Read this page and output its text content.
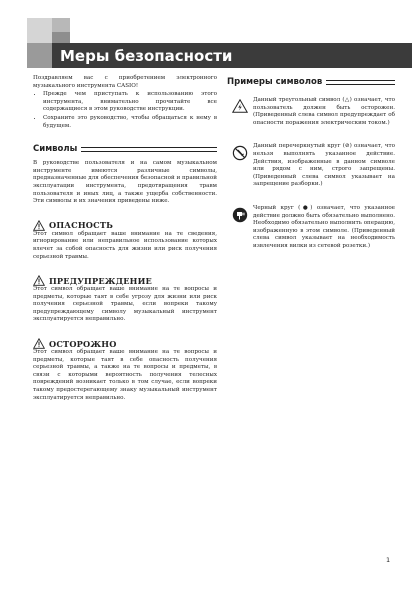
Меры безопасности

Поздравляем вас с приобретением электронного музыкального инструмента CASIO!

• Прежде чем приступать к использованию этого инструмента, внимательно прочитайте все содержащиеся в этом руководстве инструкции.
• Сохраните это руководство, чтобы обращаться к нему в будущем.
Символы

В руководстве пользователя и на самом музыкальном инструменте имеются различные символы, предназначенные для обеспечения безопасной и правильной эксплуатации инструмента, предотвращения травм пользователя и иных лиц, а также ущерба собственности. Эти символы и их значения приведены ниже.

ОПАСНОСТЬ

Этот символ обращает ваше внимание на те сведения, игнорирование или неправильное использование которых влечет за собой опасность для жизни или риск получения серьезной травмы.

ПРЕДУПРЕЖДЕНИЕ

Этот символ обращает ваше внимание на те вопросы и предметы, которые таят в себе угрозу для жизни или риск получения серьезной травмы, если вопреки такому предупреждающему символу музыкальный инструмент эксплуатируется неправильно.

ОСТОРОЖНО

Этот символ обращает ваше внимание на те вопросы и предметы, которые таят в себе опасность получения серьезной травмы, а также на те вопросы и предметы, в связи с которыми вероятность получения телесных повреждений возникает только в том случае, если вопреки такому предостерегающему знаку музыкальный инструмент эксплуатируется неправильно.

Примеры символов

Данный треугольный символ (△) означает, что пользователь должен быть осторожен. (Приведенный слева символ предупреждает об опасности поражения электрическим током.)

Данный перечеркнутый круг (⊘) означает, что нельзя выполнять указанное действие. Действия, изображенные в данном символе или рядом с ним, строго запрещены. (Приведенный слева символ указывает на запрещение разборки.)

Черный круг (●) означает, что указанное действие должно быть обязательно выполнено. Необходимо обязательно выполнить операцию, изображенную в этом символе. (Приведенный слева символ указывает на необходимость извлечения вилки из сетевой розетки.)

1
